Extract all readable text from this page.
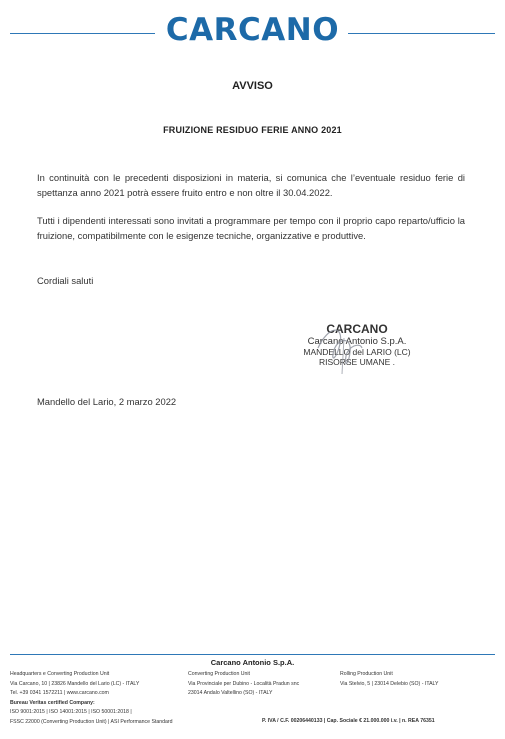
CARCANO
AVVISO
FRUIZIONE RESIDUO FERIE ANNO 2021
In continuità con le precedenti disposizioni in materia, si comunica che l’eventuale residuo ferie di spettanza anno 2021 potrà essere fruito entro e non oltre il 30.04.2022.
Tutti i dipendenti interessati sono invitati a programmare per tempo con il proprio capo reparto/ufficio la fruizione, compatibilmente con le esigenze tecniche, organizzative e produttive.
Cordiali saluti
CARCANO
Carcano Antonio S.p.A.
MANDELLO del LARIO (LC)
RISORSE UMANE .
Mandello del Lario, 2 marzo 2022
Carcano Antonio S.p.A.
Headquarters e Converting Production Unit
Via Carcano, 10 | 23826 Mandello del Lario (LC) - ITALY
Tel. +39 0341 1572211 | www.carcano.com
Bureau Veritas certified Company:
ISO 9001:2015 | ISO 14001:2015 | ISO 50001:2018 |
FSSC 22000 (Converting Production Unit) | ASI Performance Standard
Converting Production Unit
Via Provinciale per Dubino - Località Pradun snc
23014 Andalo Valtellino (SO) - ITALY
Rolling Production Unit
Via Stelvio, 5 | 23014 Delebio (SO) - ITALY
P. IVA / C.F. 00206440133 | Cap. Sociale € 21.000.000 i.v. | n. REA 76351
